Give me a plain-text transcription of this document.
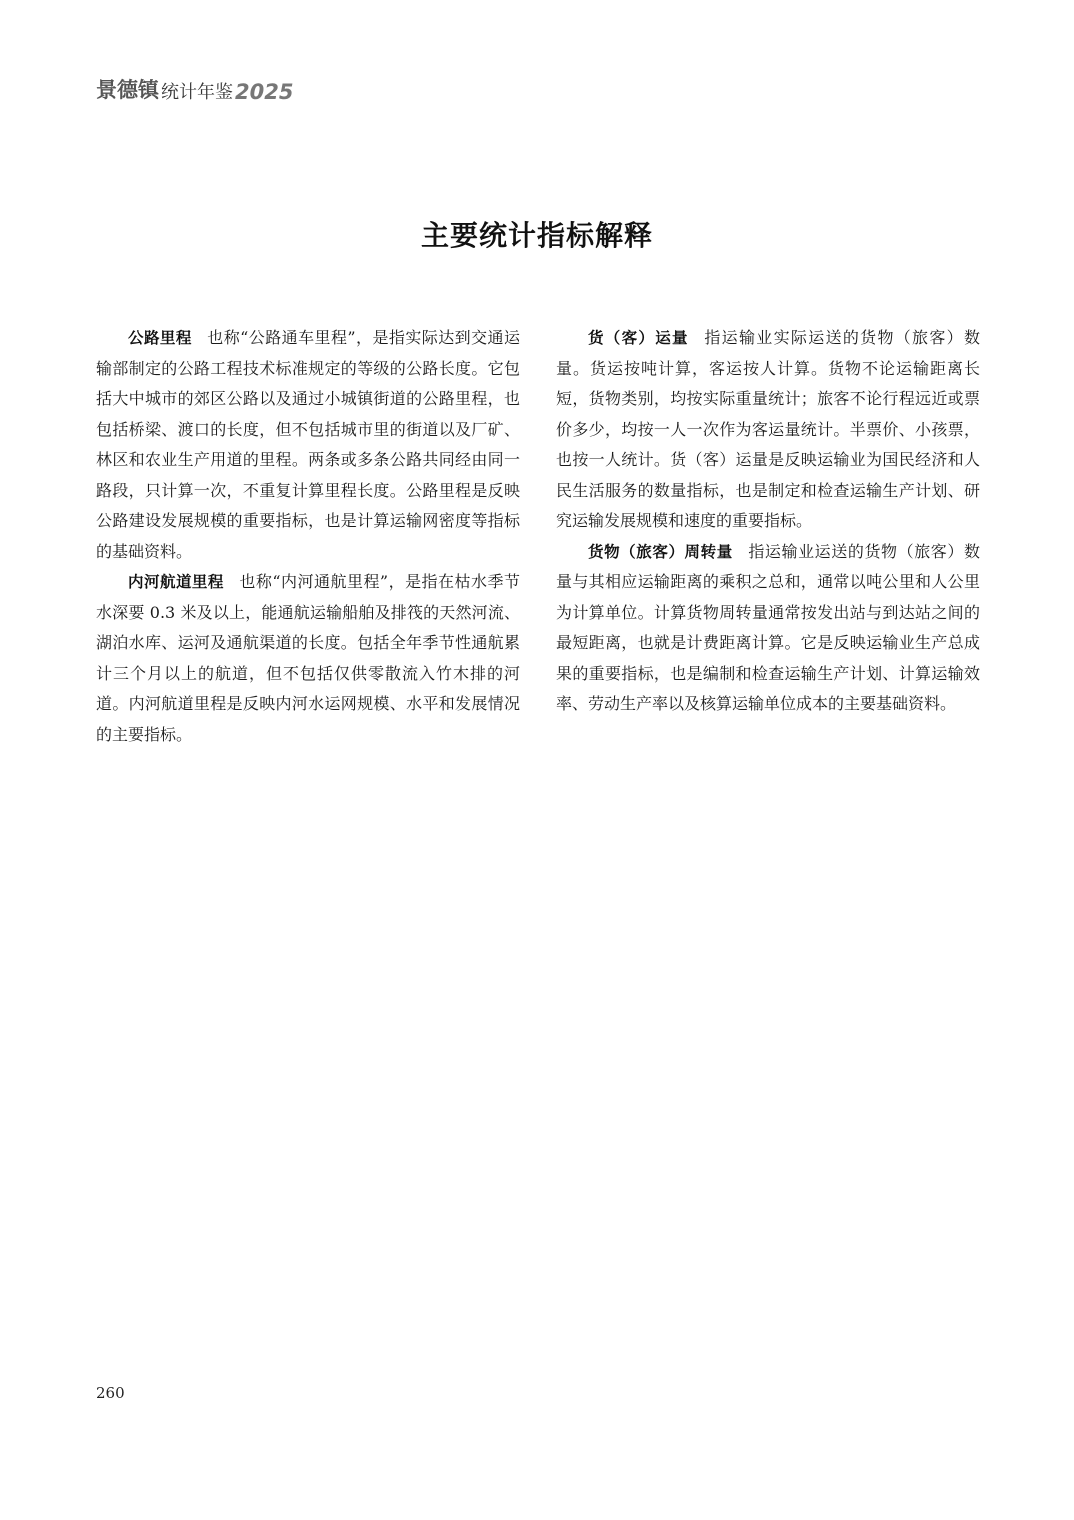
景德镇 统计年鉴 2025
主要统计指标解释

公路里程 也称“公路通车里程”，是指实际达到交通运输部制定的公路工程技术标准规定的等级的公路长度。它包括大中城市的郊区公路以及通过小城镇街道的公路里程，也包括桥梁、渡口的长度，但不包括城市里的街道以及厂矿、林区和农业生产用道的里程。两条或多条公路共同经由同一路段，只计算一次，不重复计算里程长度。公路里程是反映公路建设发展规模的重要指标，也是计算运输网密度等指标的基础资料。

内河航道里程 也称“内河通航里程”，是指在枯水季节水深要 0.3 米及以上，能通航运输船舶及排筏的天然河流、湖泊水库、运河及通航渠道的长度。包括全年季节性通航累计三个月以上的航道，但不包括仅供零散流入竹木排的河道。内河航道里程是反映内河水运网规模、水平和发展情况的主要指标。

货（客）运量 指运输业实际运送的货物（旅客）数量。货运按吨计算，客运按人计算。货物不论运输距离长短，货物类别，均按实际重量统计；旅客不论行程远近或票价多少，均按一人一次作为客运量统计。半票价、小孩票，也按一人统计。货（客）运量是反映运输业为国民经济和人民生活服务的数量指标，也是制定和检查运输生产计划、研究运输发展规模和速度的重要指标。

货物（旅客）周转量 指运输业运送的货物（旅客）数量与其相应运输距离的乘积之总和，通常以吨公里和人公里为计算单位。计算货物周转量通常按发出站与到达站之间的最短距离，也就是计费距离计算。它是反映运输业生产总成果的重要指标，也是编制和检查运输生产计划、计算运输效率、劳动生产率以及核算运输单位成本的主要基础资料。

260
